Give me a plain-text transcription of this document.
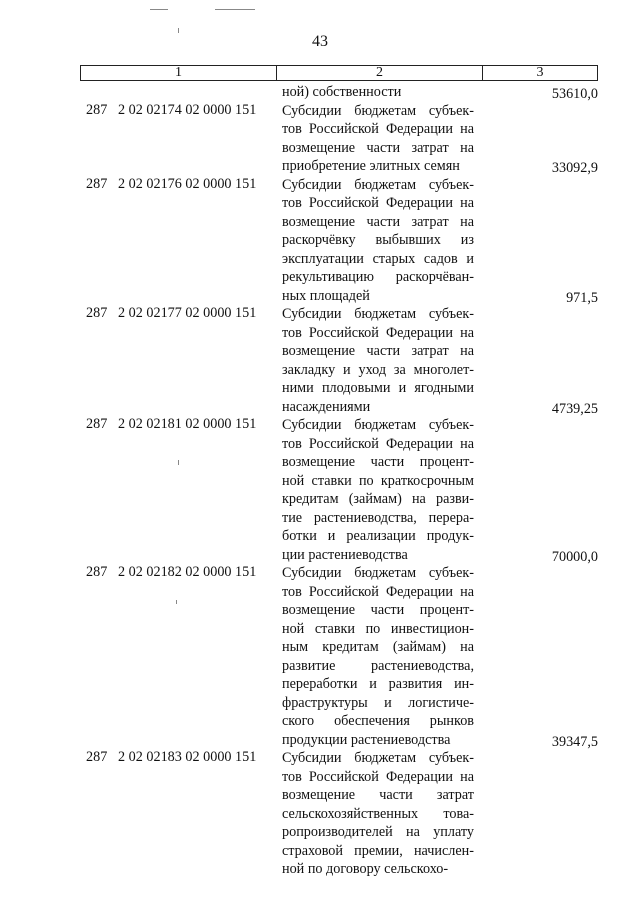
43
1	2	3
ной) собственности
287 2 02 02174 02 0000 151 Субсидии бюджетам субъек-
тов Российской Федерации на
возмещение части затрат на
приобретение элитных семян
53610,0
287 2 02 02176 02 0000 151 Субсидии бюджетам субъек-
тов Российской Федерации на
возмещение части затрат на
раскорчёвку выбывших из
эксплуатации старых садов и
рекультивацию раскорчёван-
ных площадей
33092,9
287 2 02 02177 02 0000 151 Субсидии бюджетам субъек-
тов Российской Федерации на
возмещение части затрат на
закладку и уход за многолет-
ними плодовыми и ягодными
насаждениями
971,5
287 2 02 02181 02 0000 151 Субсидии бюджетам субъек-
тов Российской Федерации на
возмещение части процент-
ной ставки по краткосрочным
кредитам (займам) на разви-
тие растениеводства, перера-
ботки и реализации продук-
ции растениеводства
4739,25
287 2 02 02182 02 0000 151 Субсидии бюджетам субъек-
тов Российской Федерации на
возмещение части процент-
ной ставки по инвестицион-
ным кредитам (займам) на
развитие растениеводства,
переработки и развития ин-
фраструктуры и логистиче-
ского обеспечения рынков
продукции растениеводства
70000,0
287 2 02 02183 02 0000 151 Субсидии бюджетам субъек-
тов Российской Федерации на
возмещение части затрат
сельскохозяйственных това-
ропроизводителей на уплату
страховой премии, начислен-
ной по договору сельскохо-
39347,5
